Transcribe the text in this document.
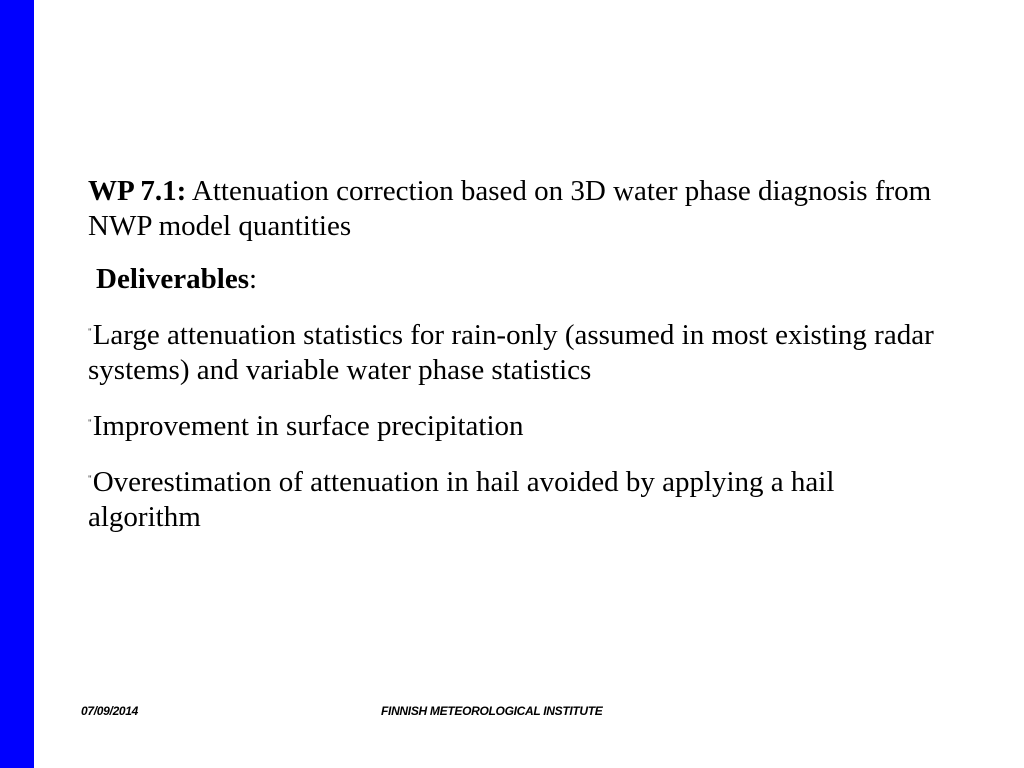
WP 7.1: Attenuation correction based on 3D water phase diagnosis from NWP model quantities

Deliverables:

"Large attenuation statistics for rain-only (assumed in most existing radar systems) and variable water phase statistics

"Improvement in surface precipitation

"Overestimation of attenuation in hail avoided by applying a hail algorithm

07/09/2014	FINNISH METEOROLOGICAL INSTITUTE
